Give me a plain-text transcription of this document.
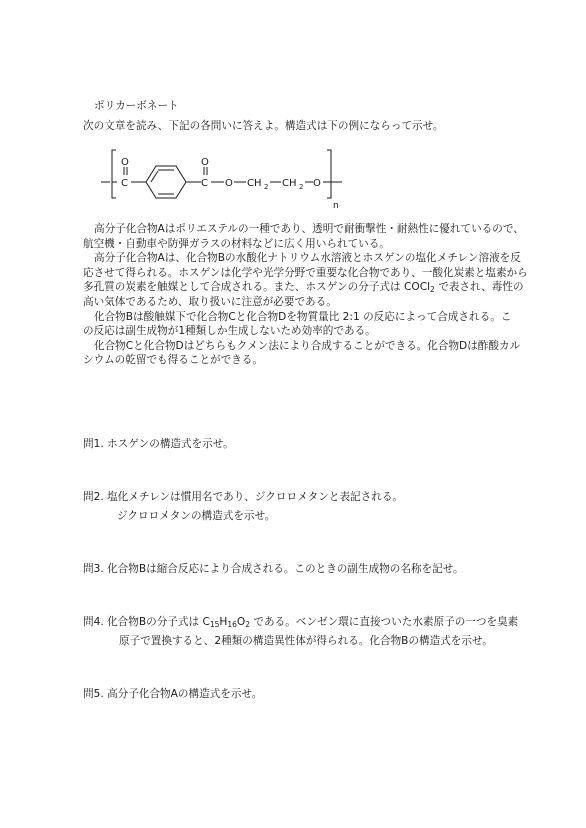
ポリカーボネート
次の文章を読み、下記の各問いに答えよ。構造式は下の例にならって示せ。
C
O
C
O
O CH 2 CH 2 O
n
高分子化合物Aはポリエステルの一種であり、透明で耐衝撃性・耐熱性に優れているので、
航空機・自動車や防弾ガラスの材料などに広く用いられている。
高分子化合物Aは、化合物Bの水酸化ナトリウム水溶液とホスゲンの塩化メチレン溶液を反
応させて得られる。ホスゲンは化学や光学分野で重要な化合物であり、一酸化炭素と塩素から
多孔質の炭素を触媒として合成される。また、ホスゲンの分子式は COCl$_2$ で表され、毒性の
高い気体であるため、取り扱いに注意が必要である。
化合物Bは酸触媒下で化合物Cと化合物Dを物質量比 2:1 の反応によって合成される。こ
の反応は副生成物が1種類しか生成しないため効率的である。
化合物Cと化合物Dはどちらもクメン法により合成することができる。化合物Dは酢酸カル
シウムの乾留でも得ることができる。
問1. ホスゲンの構造式を示せ。
問2. 塩化メチレンは慣用名であり、ジクロロメタンと表記される。
ジクロロメタンの構造式を示せ。
問3. 化合物Bは縮合反応により合成される。このときの副生成物の名称を記せ。
問4. 化合物Bの分子式は $C_{15}H_{16}O_2$ である。ベンゼン環に直接ついた水素原子の一つを臭素
原子で置換すると、2種類の構造異性体が得られる。化合物Bの構造式を示せ。
問5. 高分子化合物Aの構造式を示せ。
